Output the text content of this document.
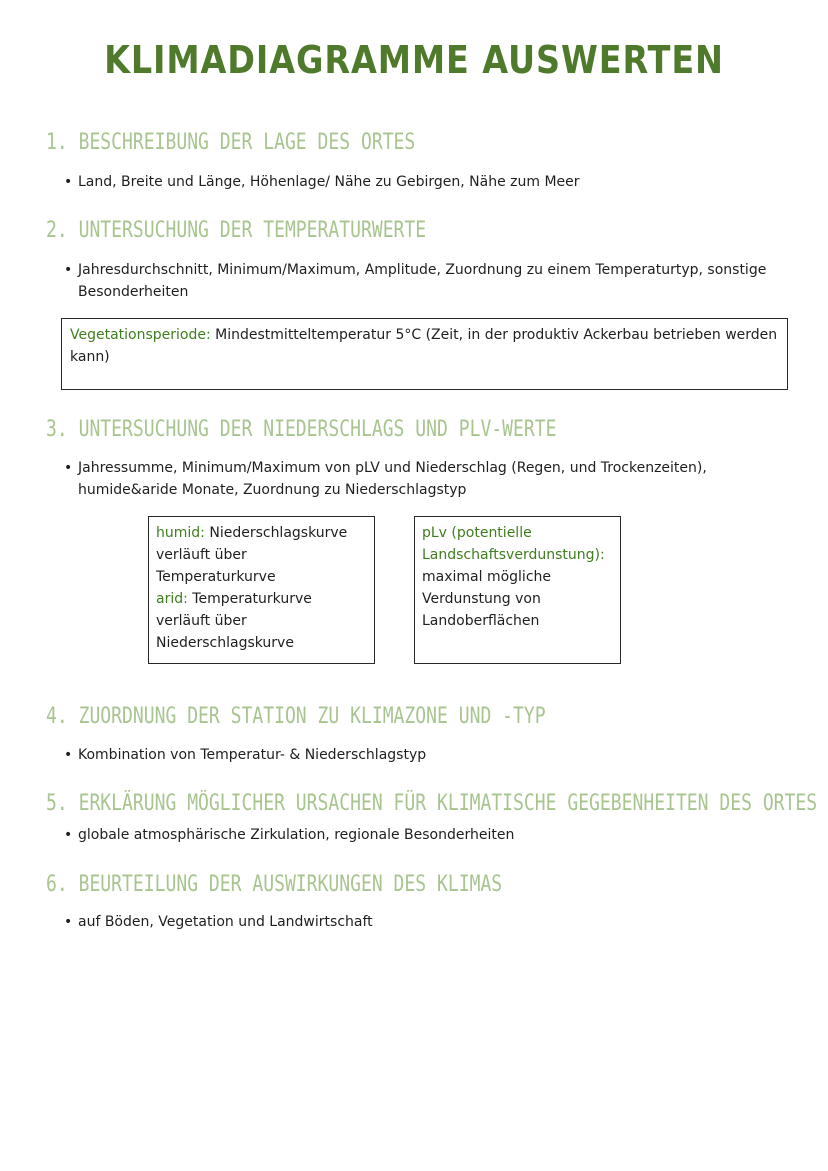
KLIMADIAGRAMME AUSWERTEN
1. BESCHREIBUNG DER LAGE DES ORTES
• Land, Breite und Länge, Höhenlage/ Nähe zu Gebirgen, Nähe zum Meer
2. UNTERSUCHUNG DER TEMPERATURWERTE
• Jahresdurchschnitt, Minimum/Maximum, Amplitude, Zuordnung zu einem Temperaturtyp, sonstige Besonderheiten
Vegetationsperiode: Mindestmitteltemperatur 5°C (Zeit, in der produktiv Ackerbau betrieben werden kann)
3. UNTERSUCHUNG DER NIEDERSCHLAGS UND PLV-WERTE
• Jahressumme, Minimum/Maximum von pLV und Niederschlag (Regen, und Trockenzeiten), humide&aride Monate, Zuordnung zu Niederschlagstyp
humid: Niederschlagskurve verläuft über Temperaturkurve
arid: Temperaturkurve verläuft über Niederschlagskurve
pLv (potentielle Landschaftsverdunstung):
maximal mögliche Verdunstung von Landoberflächen
4. ZUORDNUNG DER STATION ZU KLIMAZONE UND -TYP
• Kombination von Temperatur- & Niederschlagstyp
5. ERKLÄRUNG MÖGLICHER URSACHEN FÜR KLIMATISCHE GEGEBENHEITEN DES ORTES
• globale atmosphärische Zirkulation, regionale Besonderheiten
6. BEURTEILUNG DER AUSWIRKUNGEN DES KLIMAS
• auf Böden, Vegetation und Landwirtschaft
